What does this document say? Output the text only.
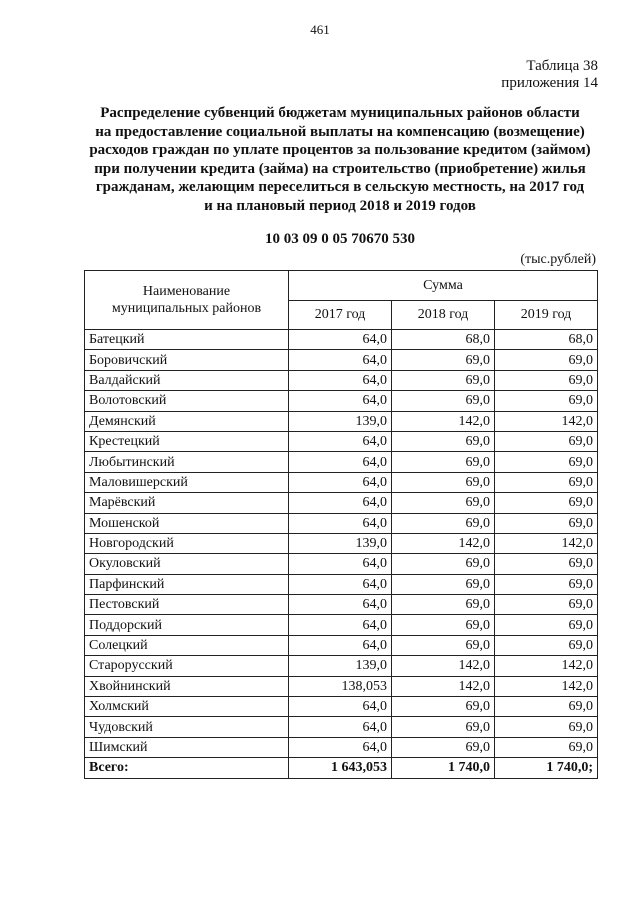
461
Таблица 38
приложения 14
Распределение субвенций бюджетам муниципальных районов области
на предоставление социальной выплаты на компенсацию (возмещение)
расходов граждан по уплате процентов за пользование кредитом (займом)
при получении кредита (займа) на строительство (приобретение) жилья
гражданам, желающим переселиться в сельскую местность, на 2017 год
и на плановый период 2018 и 2019 годов
10 03 09 0 05 70670 530
(тыс.рублей)
Наименование
муниципальных районов	Сумма		
	2017 год	2018 год	2019 год
Батецкий	64,0	68,0	68,0
Боровичский	64,0	69,0	69,0
Валдайский	64,0	69,0	69,0
Волотовский	64,0	69,0	69,0
Демянский	139,0	142,0	142,0
Крестецкий	64,0	69,0	69,0
Любытинский	64,0	69,0	69,0
Маловишерский	64,0	69,0	69,0
Марёвский	64,0	69,0	69,0
Мошенской	64,0	69,0	69,0
Новгородский	139,0	142,0	142,0
Окуловский	64,0	69,0	69,0
Парфинский	64,0	69,0	69,0
Пестовский	64,0	69,0	69,0
Поддорский	64,0	69,0	69,0
Солецкий	64,0	69,0	69,0
Старорусский	139,0	142,0	142,0
Хвойнинский	138,053	142,0	142,0
Холмский	64,0	69,0	69,0
Чудовский	64,0	69,0	69,0
Шимский	64,0	69,0	69,0
Всего:	1 643,053	1 740,0	1 740,0;
